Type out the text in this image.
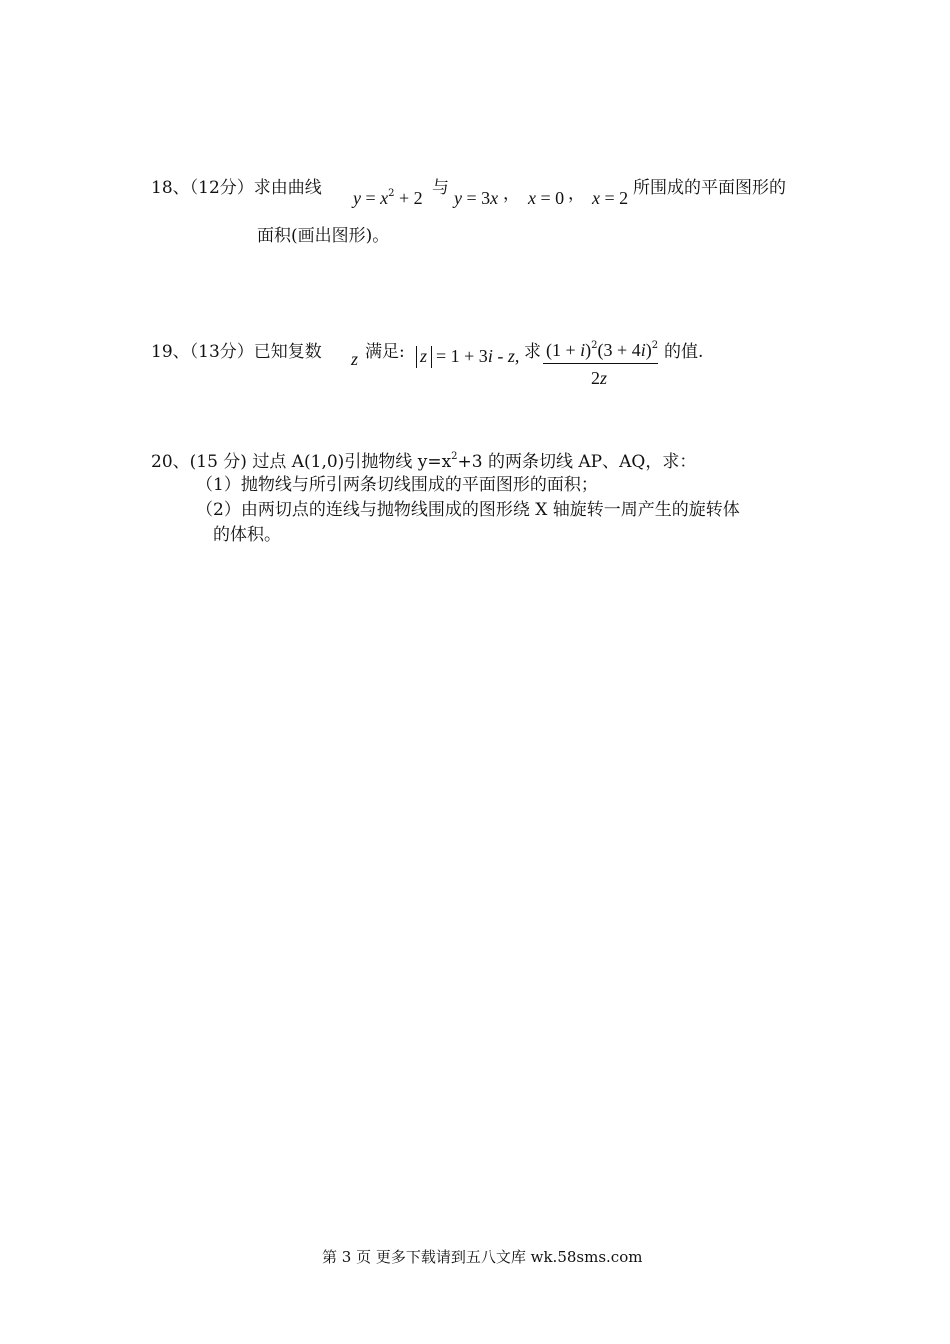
18、（12分）求由曲线 $y = x^2 + 2$ 与 y = 3x ， x = 0 ， x = 2 所围成的平面图形的
面积(画出图形)。
19、（13分）已知复数 z 满足: z = 1 + 3i - z, 求 $(1 + i)^2(3 + 4i)^2$
2z
的值.
20、(15 分) 过点 A(1,0)引抛物线 $y=x^2+3$ 的两条切线 AP、AQ，求：
（1）抛物线与所引两条切线围成的平面图形的面积；
（2）由两切点的连线与抛物线围成的图形绕 X 轴旋转一周产生的旋转体
的体积。
第 3 页 更多下载请到五八文库 wk.58sms.com
